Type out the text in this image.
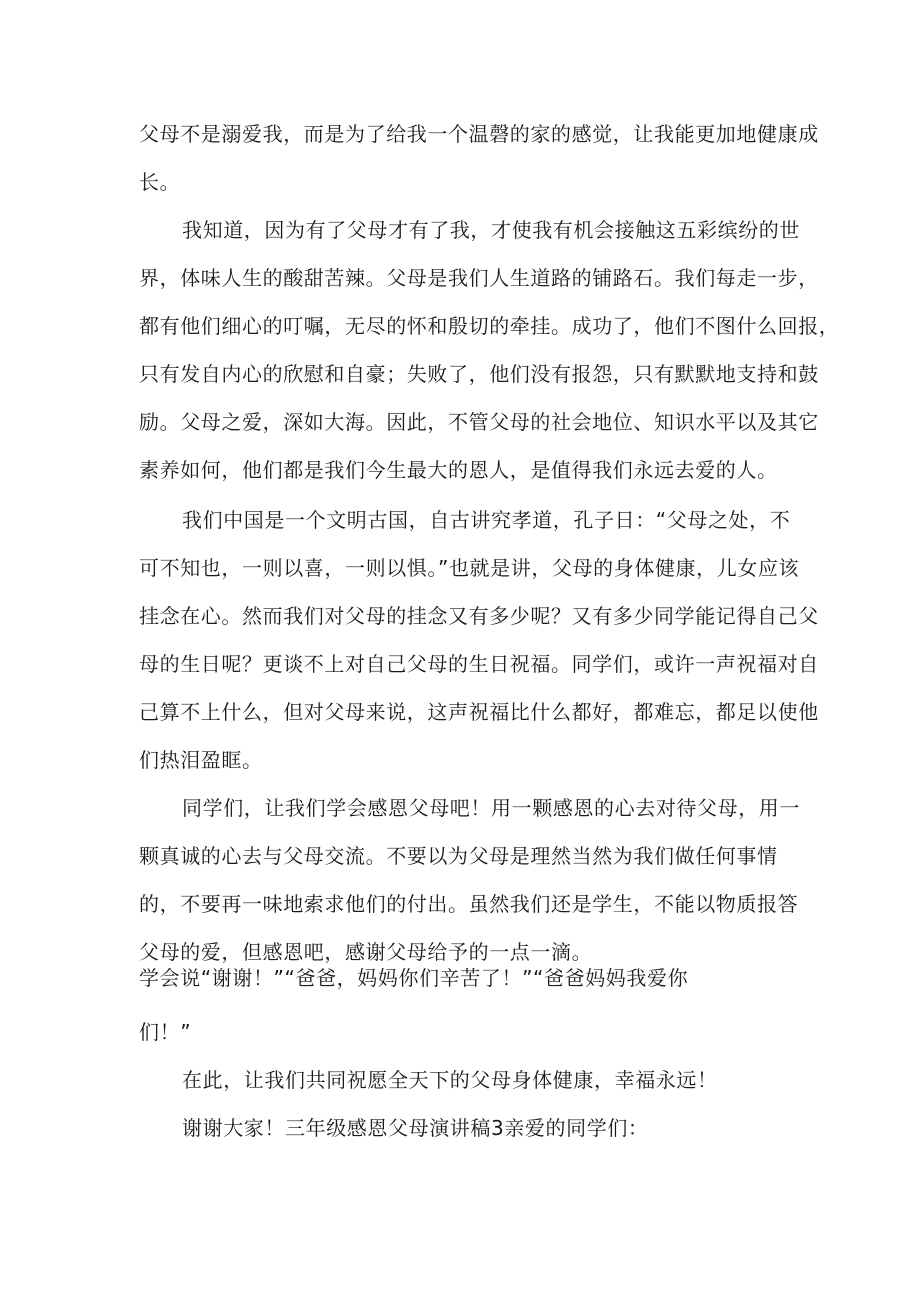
父母不是溺爱我，而是为了给我一个温磬的家的感觉，让我能更加地健康成
长。
我知道，因为有了父母才有了我，才使我有机会接触这五彩缤纷的世
界，体味人生的酸甜苦辣。父母是我们人生道路的铺路石。我们每走一步，
都有他们细心的叮嘱，无尽的怀和殷切的牵挂。成功了，他们不图什么回报，
只有发自内心的欣慰和自豪；失败了，他们没有报怨，只有默默地支持和鼓
励。父母之爱，深如大海。因此，不管父母的社会地位、知识水平以及其它
素养如何，他们都是我们今生最大的恩人，是值得我们永远去爱的人。
我们中国是一个文明古国，自古讲究孝道，孔子日：“父母之处，不
可不知也，一则以喜，一则以惧。”也就是讲，父母的身体健康，儿女应该
挂念在心。然而我们对父母的挂念又有多少呢？又有多少同学能记得自己父
母的生日呢？更谈不上对自己父母的生日祝福。同学们，或许一声祝福对自
己算不上什么，但对父母来说，这声祝福比什么都好，都难忘，都足以使他
们热泪盈眶。
同学们，让我们学会感恩父母吧！用一颗感恩的心去对待父母，用一
颗真诚的心去与父母交流。不要以为父母是理然当然为我们做任何事情
的，不要再一味地索求他们的付出。虽然我们还是学生，不能以物质报答
父母的爱，但感恩吧，感谢父母给予的一点一滴。
学会说“谢谢！”“爸爸，妈妈你们辛苦了！”“爸爸妈妈我爱你
们！”
在此，让我们共同祝愿全天下的父母身体健康，幸福永远！
谢谢大家！三年级感恩父母演讲稿3亲爱的同学们：
